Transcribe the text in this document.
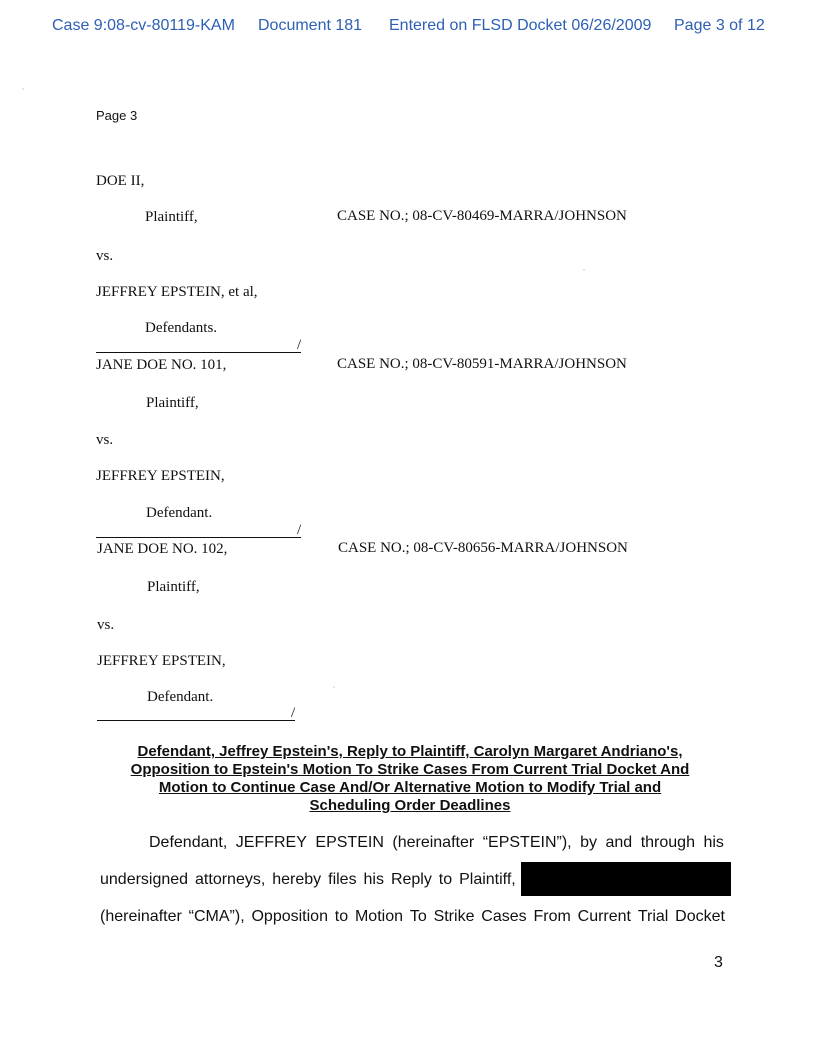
Case 9:08-cv-80119-KAM Document 181 Entered on FLSD Docket 06/26/2009 Page 3 of 12
Page 3
DOE II,
Plaintiff,	CASE NO.; 08-CV-80469-MARRA/JOHNSON
vs.
JEFFREY EPSTEIN, et al,
Defendants.
/
JANE DOE NO. 101,	CASE NO.; 08-CV-80591-MARRA/JOHNSON
Plaintiff,
vs.
JEFFREY EPSTEIN,
Defendant.
/
JANE DOE NO. 102,	CASE NO.; 08-CV-80656-MARRA/JOHNSON
Plaintiff,
vs.
JEFFREY EPSTEIN,
Defendant.
/
Defendant, Jeffrey Epstein's, Reply to Plaintiff, Carolyn Margaret Andriano's,
Opposition to Epstein's Motion To Strike Cases From Current Trial Docket And
Motion to Continue Case And/Or Alternative Motion to Modify Trial and
Scheduling Order Deadlines
Defendant, JEFFREY EPSTEIN (hereinafter “EPSTEIN”), by and through his
undersigned attorneys, hereby files his Reply to Plaintiff,
(hereinafter “CMA”), Opposition to Motion To Strike Cases From Current Trial Docket
3
